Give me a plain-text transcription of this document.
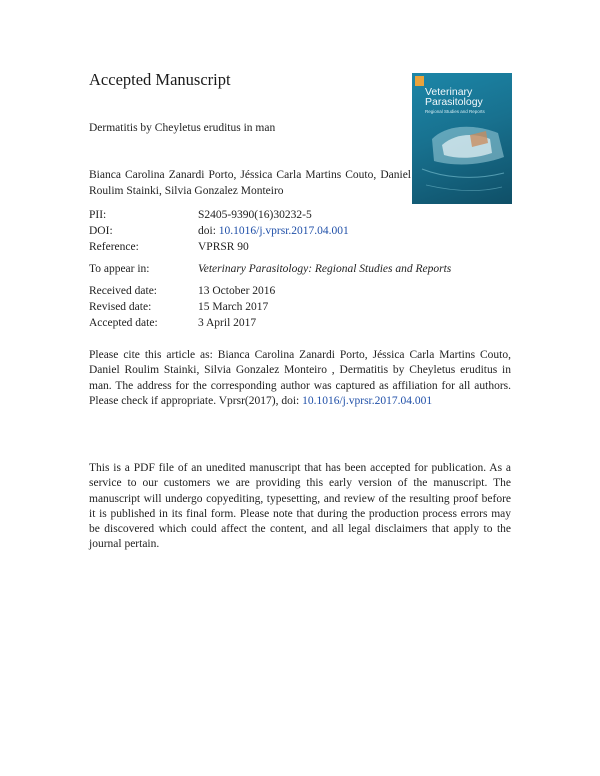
Accepted Manuscript
Dermatitis by Cheyletus eruditus in man
Bianca Carolina Zanardi Porto, Jéssica Carla Martins Couto, Daniel Roulim Stainki, Silvia Gonzalez Monteiro
Veterinary
Parasitology
Regional Studies and Reports
PII:	S2405-9390(16)30232-5
DOI:	doi: 10.1016/j.vprsr.2017.04.001
Reference:	VPRSR 90
To appear in:	Veterinary Parasitology: Regional Studies and Reports
Received date:	13 October 2016
Revised date:	15 March 2017
Accepted date:	3 April 2017
Please cite this article as: Bianca Carolina Zanardi Porto, Jéssica Carla Martins Couto, Daniel Roulim Stainki, Silvia Gonzalez Monteiro , Dermatitis by Cheyletus eruditus in man. The address for the corresponding author was captured as affiliation for all authors. Please check if appropriate. Vprsr(2017), doi: 10.1016/j.vprsr.2017.04.001
This is a PDF file of an unedited manuscript that has been accepted for publication. As a service to our customers we are providing this early version of the manuscript. The manuscript will undergo copyediting, typesetting, and review of the resulting proof before it is published in its final form. Please note that during the production process errors may be discovered which could affect the content, and all legal disclaimers that apply to the journal pertain.
